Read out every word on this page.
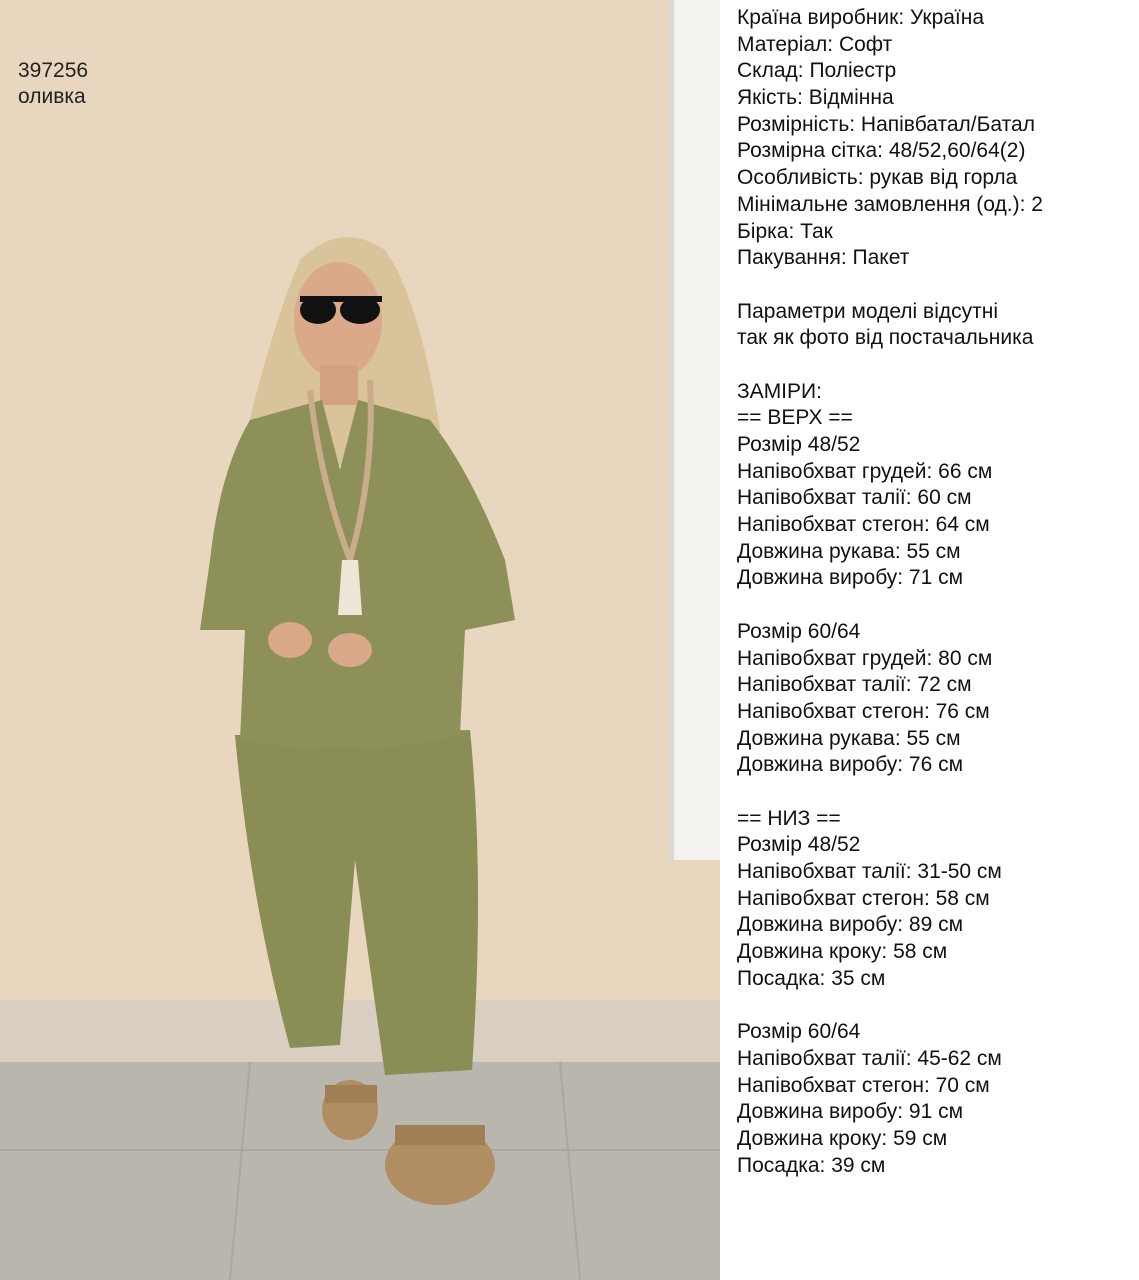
397256
оливка
Країна виробник: Україна
Матеріал: Софт
Склад: Поліестр
Якість: Відмінна
Розмірність: Напівбатал/Батал
Розмірна сітка: 48/52,60/64(2)
Особливість: рукав від горла
Мінімальне замовлення (од.): 2
Бірка: Так
Пакування: Пакет
Параметри моделі відсутні
так як фото від постачальника
ЗАМІРИ:
== ВЕРХ ==
Розмір 48/52
Напівобхват грудей: 66 см
Напівобхват талії: 60 см
Напівобхват стегон: 64 см
Довжина рукава: 55 см
Довжина виробу: 71 см
Розмір 60/64
Напівобхват грудей: 80 см
Напівобхват талії: 72 см
Напівобхват стегон: 76 см
Довжина рукава: 55 см
Довжина виробу: 76 см
== НИЗ ==
Розмір 48/52
Напівобхват талії: 31-50 см
Напівобхват стегон: 58 см
Довжина виробу: 89 см
Довжина кроку: 58 см
Посадка: 35 см
Розмір 60/64
Напівобхват талії: 45-62 см
Напівобхват стегон: 70 см
Довжина виробу: 91 см
Довжина кроку: 59 см
Посадка: 39 см
